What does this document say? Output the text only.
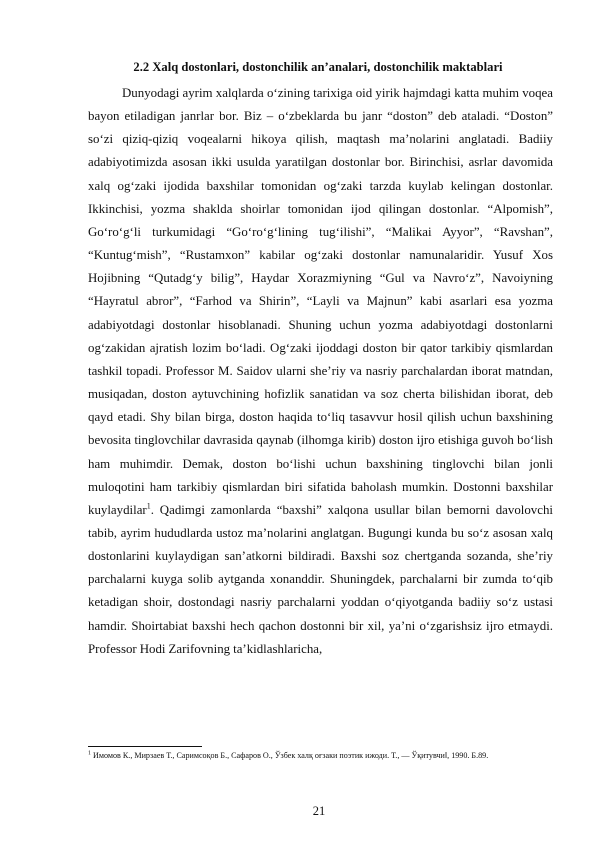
2.2 Xalq dostonlari, dostonchilik an’analari, dostonchilik maktablari
Dunyodagi ayrim xalqlarda o‘zining tarixiga oid yirik hajmdagi katta muhim voqea bayon etiladigan janrlar bor. Biz – o‘zbeklarda bu janr “doston” deb ataladi. “Doston” so‘zi qiziq-qiziq voqealarni hikoya qilish, maqtash ma’nolarini anglatadi. Badiiy adabiyotimizda asosan ikki usulda yaratilgan dostonlar bor. Birinchisi, asrlar davomida xalq og‘zaki ijodida baxshilar tomonidan og‘zaki tarzda kuylab kelingan dostonlar. Ikkinchisi, yozma shaklda shoirlar tomonidan ijod qilingan dostonlar. “Alpomish”, Go‘ro‘g‘li turkumidagi “Go‘ro‘g‘lining tug‘ilishi”, “Malikai Ayyor”, “Ravshan”, “Kuntug‘mish”, “Rustamxon” kabilar og‘zaki dostonlar namunalaridir. Yusuf Xos Hojibning “Qutadg‘y bilig”, Haydar Xorazmiyning “Gul va Navro‘z”, Navoiyning “Hayratul abror”, “Farhod va Shirin”, “Layli va Majnun” kabi asarlari esa yozma adabiyotdagi dostonlar hisoblanadi. Shuning uchun yozma adabiyotdagi dostonlarni og‘zakidan ajratish lozim bo‘ladi. Og‘zaki ijoddagi doston bir qator tarkibiy qismlardan tashkil topadi. Professor M. Saidov ularni she’riy va nasriy parchalardan iborat matndan, musiqadan, doston aytuvchining hofizlik sanatidan va soz cherta bilishidan iborat, deb qayd etadi. Shy bilan birga, doston haqida to‘liq tasavvur hosil qilish uchun baxshining bevosita tinglovchilar davrasida qaynab (ilhomga kirib) doston ijro etishiga guvoh bo‘lish ham muhimdir. Demak, doston bo‘lishi uchun baxshining tinglovchi bilan jonli muloqotini ham tarkibiy qismlardan biri sifatida baholash mumkin. Dostonni baxshilar kuylaydilar$^1$. Qadimgi zamonlarda “baxshi” xalqona usullar bilan bemorni davolovchi tabib, ayrim hududlarda ustoz ma’nolarini anglatgan. Bugungi kunda bu so‘z asosan xalq dostonlarini kuylaydigan san’atkorni bildiradi. Baxshi soz chertganda sozanda, she’riy parchalarni kuyga solib aytganda xonanddir. Shuningdek, parchalarni bir zumda to‘qib ketadigan shoir, dostondagi nasriy parchalarni yoddan o‘qiyotganda badiiy so‘z ustasi hamdir. Shoirtabiat baxshi hech qachon dostonni bir xil, ya’ni o‘zgarishsiz ijro etmaydi. Professor Hodi Zarifovning ta’kidlashlaricha,
$^1$ Имомов К., Мирзаев Т., Саримсоқов Б., Сафаров О., Ўзбек халқ оғзаки поэтик ижоди. Т., — Ўқитувчи‖, 1990. Б.89.
21
